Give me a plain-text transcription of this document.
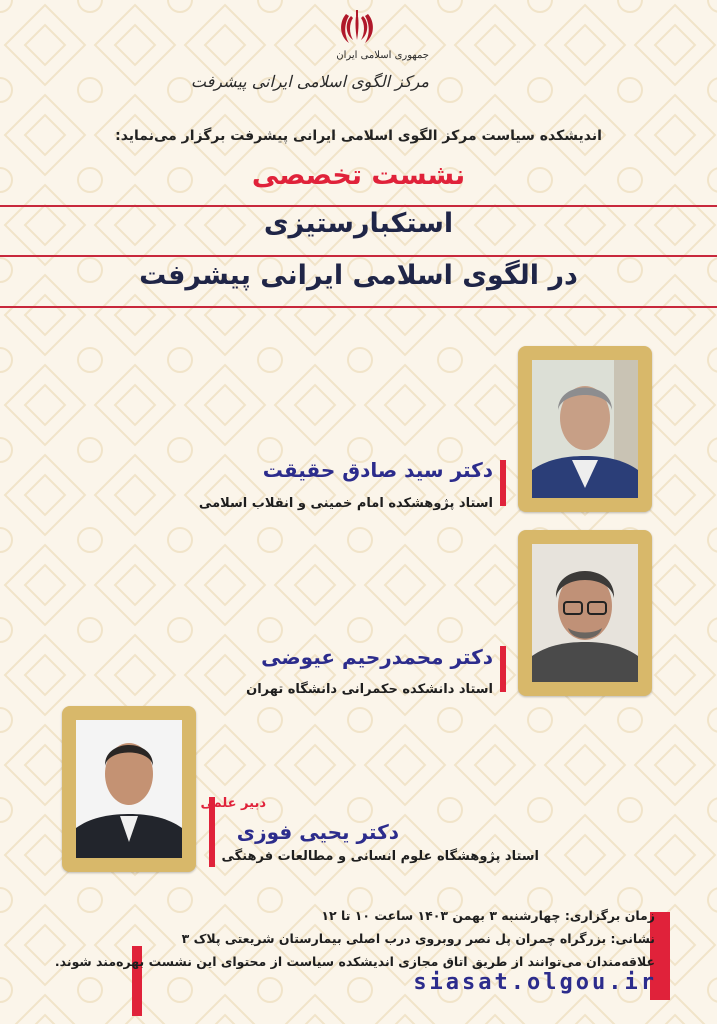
جمهوری اسلامی ایران
مرکز الگوی اسلامی ایرانی پیشرفت
اندیشکده سیاست مرکز الگوی اسلامی ایرانی پیشرفت برگزار می‌نماید:
نشست تخصصی
استکبارستیزی
در الگوی اسلامی ایرانی پیشرفت
دکتر سید صادق حقیقت
استاد پژوهشکده امام خمینی و انقلاب اسلامی
دکتر محمدرحیم عیوضی
استاد دانشکده حکمرانی دانشگاه تهران
دبیر علمی
دکتر یحیی فوزی
استاد پژوهشگاه علوم انسانی و مطالعات فرهنگی
زمان برگزاری: چهارشنبه ۳ بهمن ۱۴۰۳ ساعت ۱۰ تا ۱۲
نشانی: بزرگراه چمران پل نصر روبروی درب اصلی بیمارستان شریعتی پلاک ۳
علاقه‌مندان می‌توانند از طریق اتاق مجازی اندیشکده سیاست از محتوای این نشست بهره‌مند شوند.
siasat.olgou.ir
